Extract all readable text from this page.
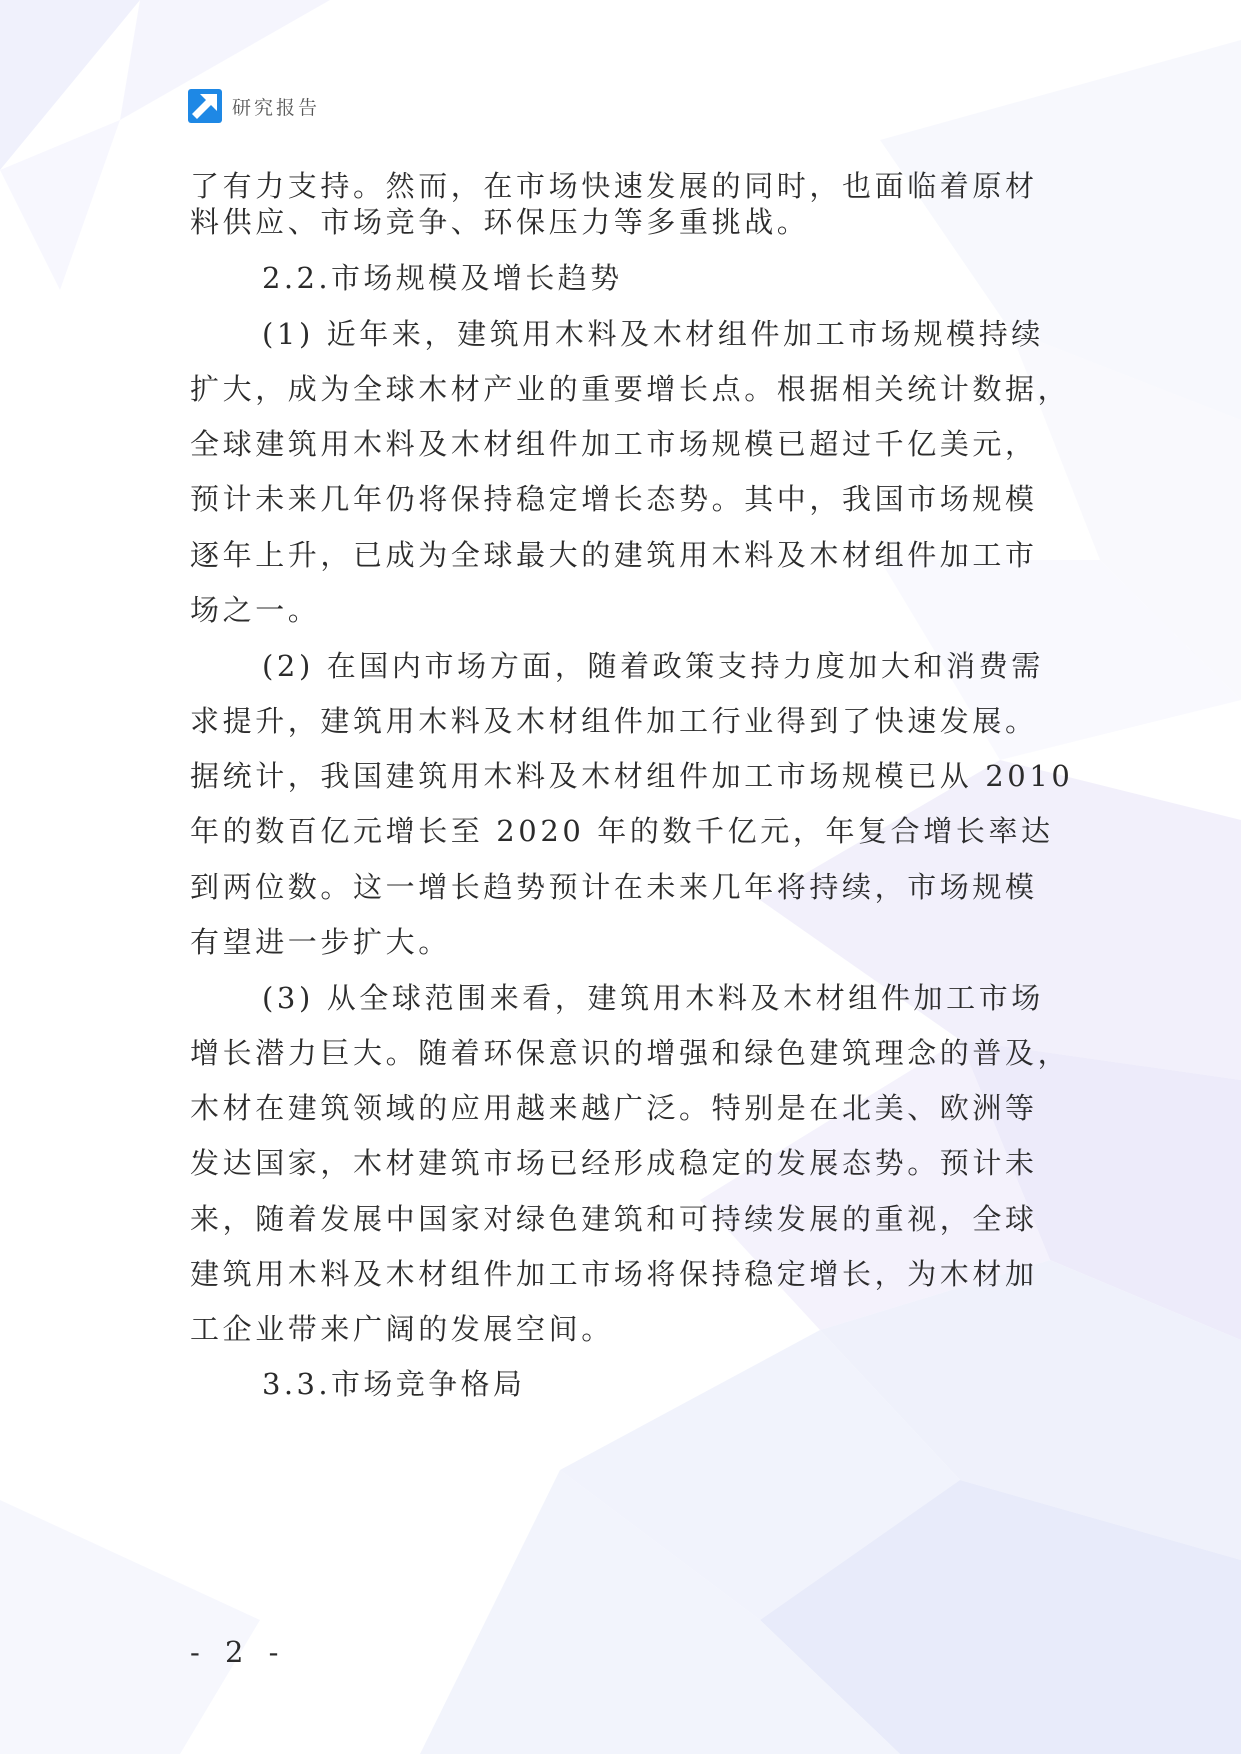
研究报告

了有力支持。然而，在市场快速发展的同时，也面临着原材

料供应、市场竞争、环保压力等多重挑战。

2.2.市场规模及增长趋势

(1) 近年来，建筑用木料及木材组件加工市场规模持续

扩大，成为全球木材产业的重要增长点。根据相关统计数据，

全球建筑用木料及木材组件加工市场规模已超过千亿美元，

预计未来几年仍将保持稳定增长态势。其中，我国市场规模

逐年上升，已成为全球最大的建筑用木料及木材组件加工市

场之一。

(2) 在国内市场方面，随着政策支持力度加大和消费需

求提升，建筑用木料及木材组件加工行业得到了快速发展。

据统计，我国建筑用木料及木材组件加工市场规模已从 2010

年的数百亿元增长至 2020 年的数千亿元，年复合增长率达

到两位数。这一增长趋势预计在未来几年将持续，市场规模

有望进一步扩大。

(3) 从全球范围来看，建筑用木料及木材组件加工市场

增长潜力巨大。随着环保意识的增强和绿色建筑理念的普及，

木材在建筑领域的应用越来越广泛。特别是在北美、欧洲等

发达国家，木材建筑市场已经形成稳定的发展态势。预计未

来，随着发展中国家对绿色建筑和可持续发展的重视，全球

建筑用木料及木材组件加工市场将保持稳定增长，为木材加

工企业带来广阔的发展空间。

3.3.市场竞争格局

- 2 -
